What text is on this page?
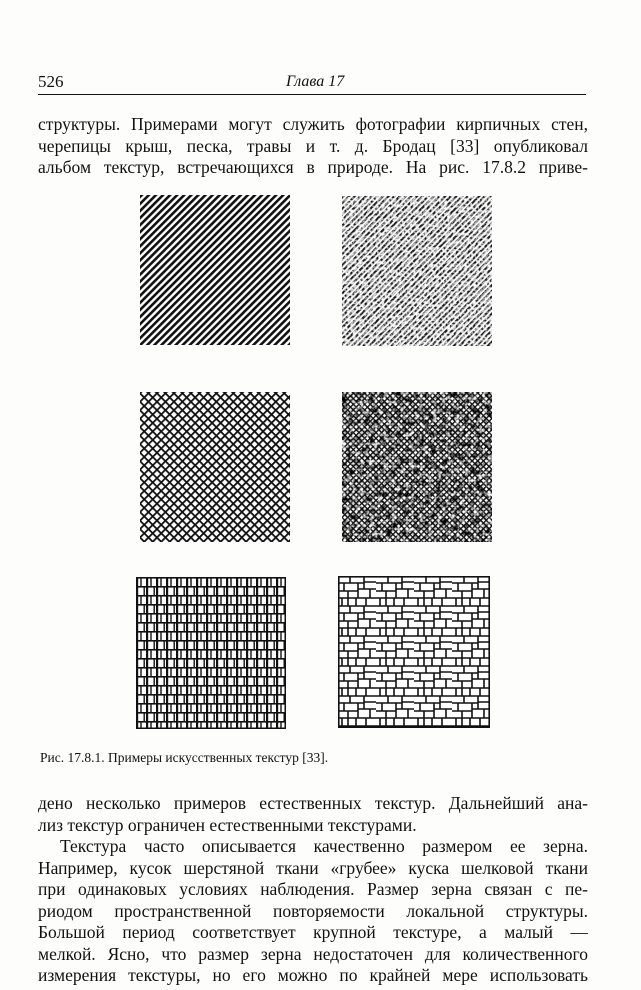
526	Глава 17
структуры. Примерами могут служить фотографии кирпичных стен,
черепицы крыш, песка, травы и т. д. Бродац [33] опубликовал
альбом текстур, встречающихся в природе. На рис. 17.8.2 приве-
Рис. 17.8.1. Примеры искусственных текстур [33].
дено несколько примеров естественных текстур. Дальнейший ана-
лиз текстур ограничен естественными текстурами.
Текстура часто описывается качественно размером ее зерна.
Например, кусок шерстяной ткани «грубее» куска шелковой ткани
при одинаковых условиях наблюдения. Размер зерна связан с пе-
риодом пространственной повторяемости локальной структуры.
Большой период соответствует крупной текстуре, а малый —
мелкой. Ясно, что размер зерна недостаточен для количественного
измерения текстуры, но его можно по крайней мере использовать
